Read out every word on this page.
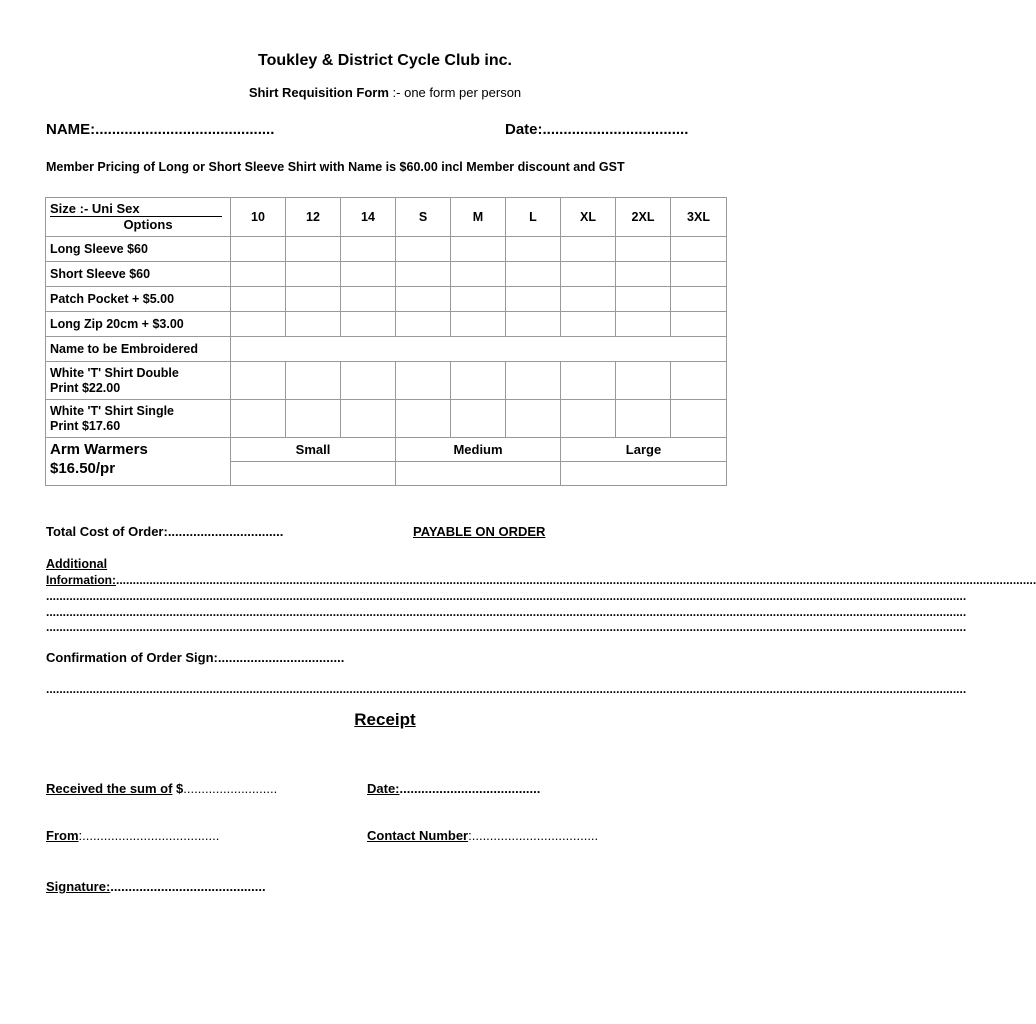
Toukley & District Cycle Club inc.
Shirt Requisition Form :- one form per person
NAME:...........................................	Date:...................................
Member Pricing of Long or Short Sleeve Shirt with Name is $60.00 incl Member discount and GST
Size :- Uni Sex
Options	10	12	14	S	M	L	XL	2XL	3XL
Long Sleeve $60									
Short Sleeve $60									
Patch Pocket + $5.00									
Long Zip 20cm + $3.00									
Name to be Embroidered									
White 'T' Shirt Double
Print $22.00									
White 'T' Shirt Single
Print $17.60									
Arm Warmers
$16.50/pr	Small			Medium			Large		

Total Cost of Order:................................	PAYABLE ON ORDER
Additional
Information:....................................................................................................................................................................................................................................................................................
....................................................................................................................................................................................................................................................................................
....................................................................................................................................................................................................................................................................................
....................................................................................................................................................................................................................................................................................
Confirmation of Order Sign:...................................
....................................................................................................................................................................................................................................................................................
Receipt
Received the sum of $..........................	Date:.......................................
From:......................................	Contact Number:...................................
Signature:...........................................
